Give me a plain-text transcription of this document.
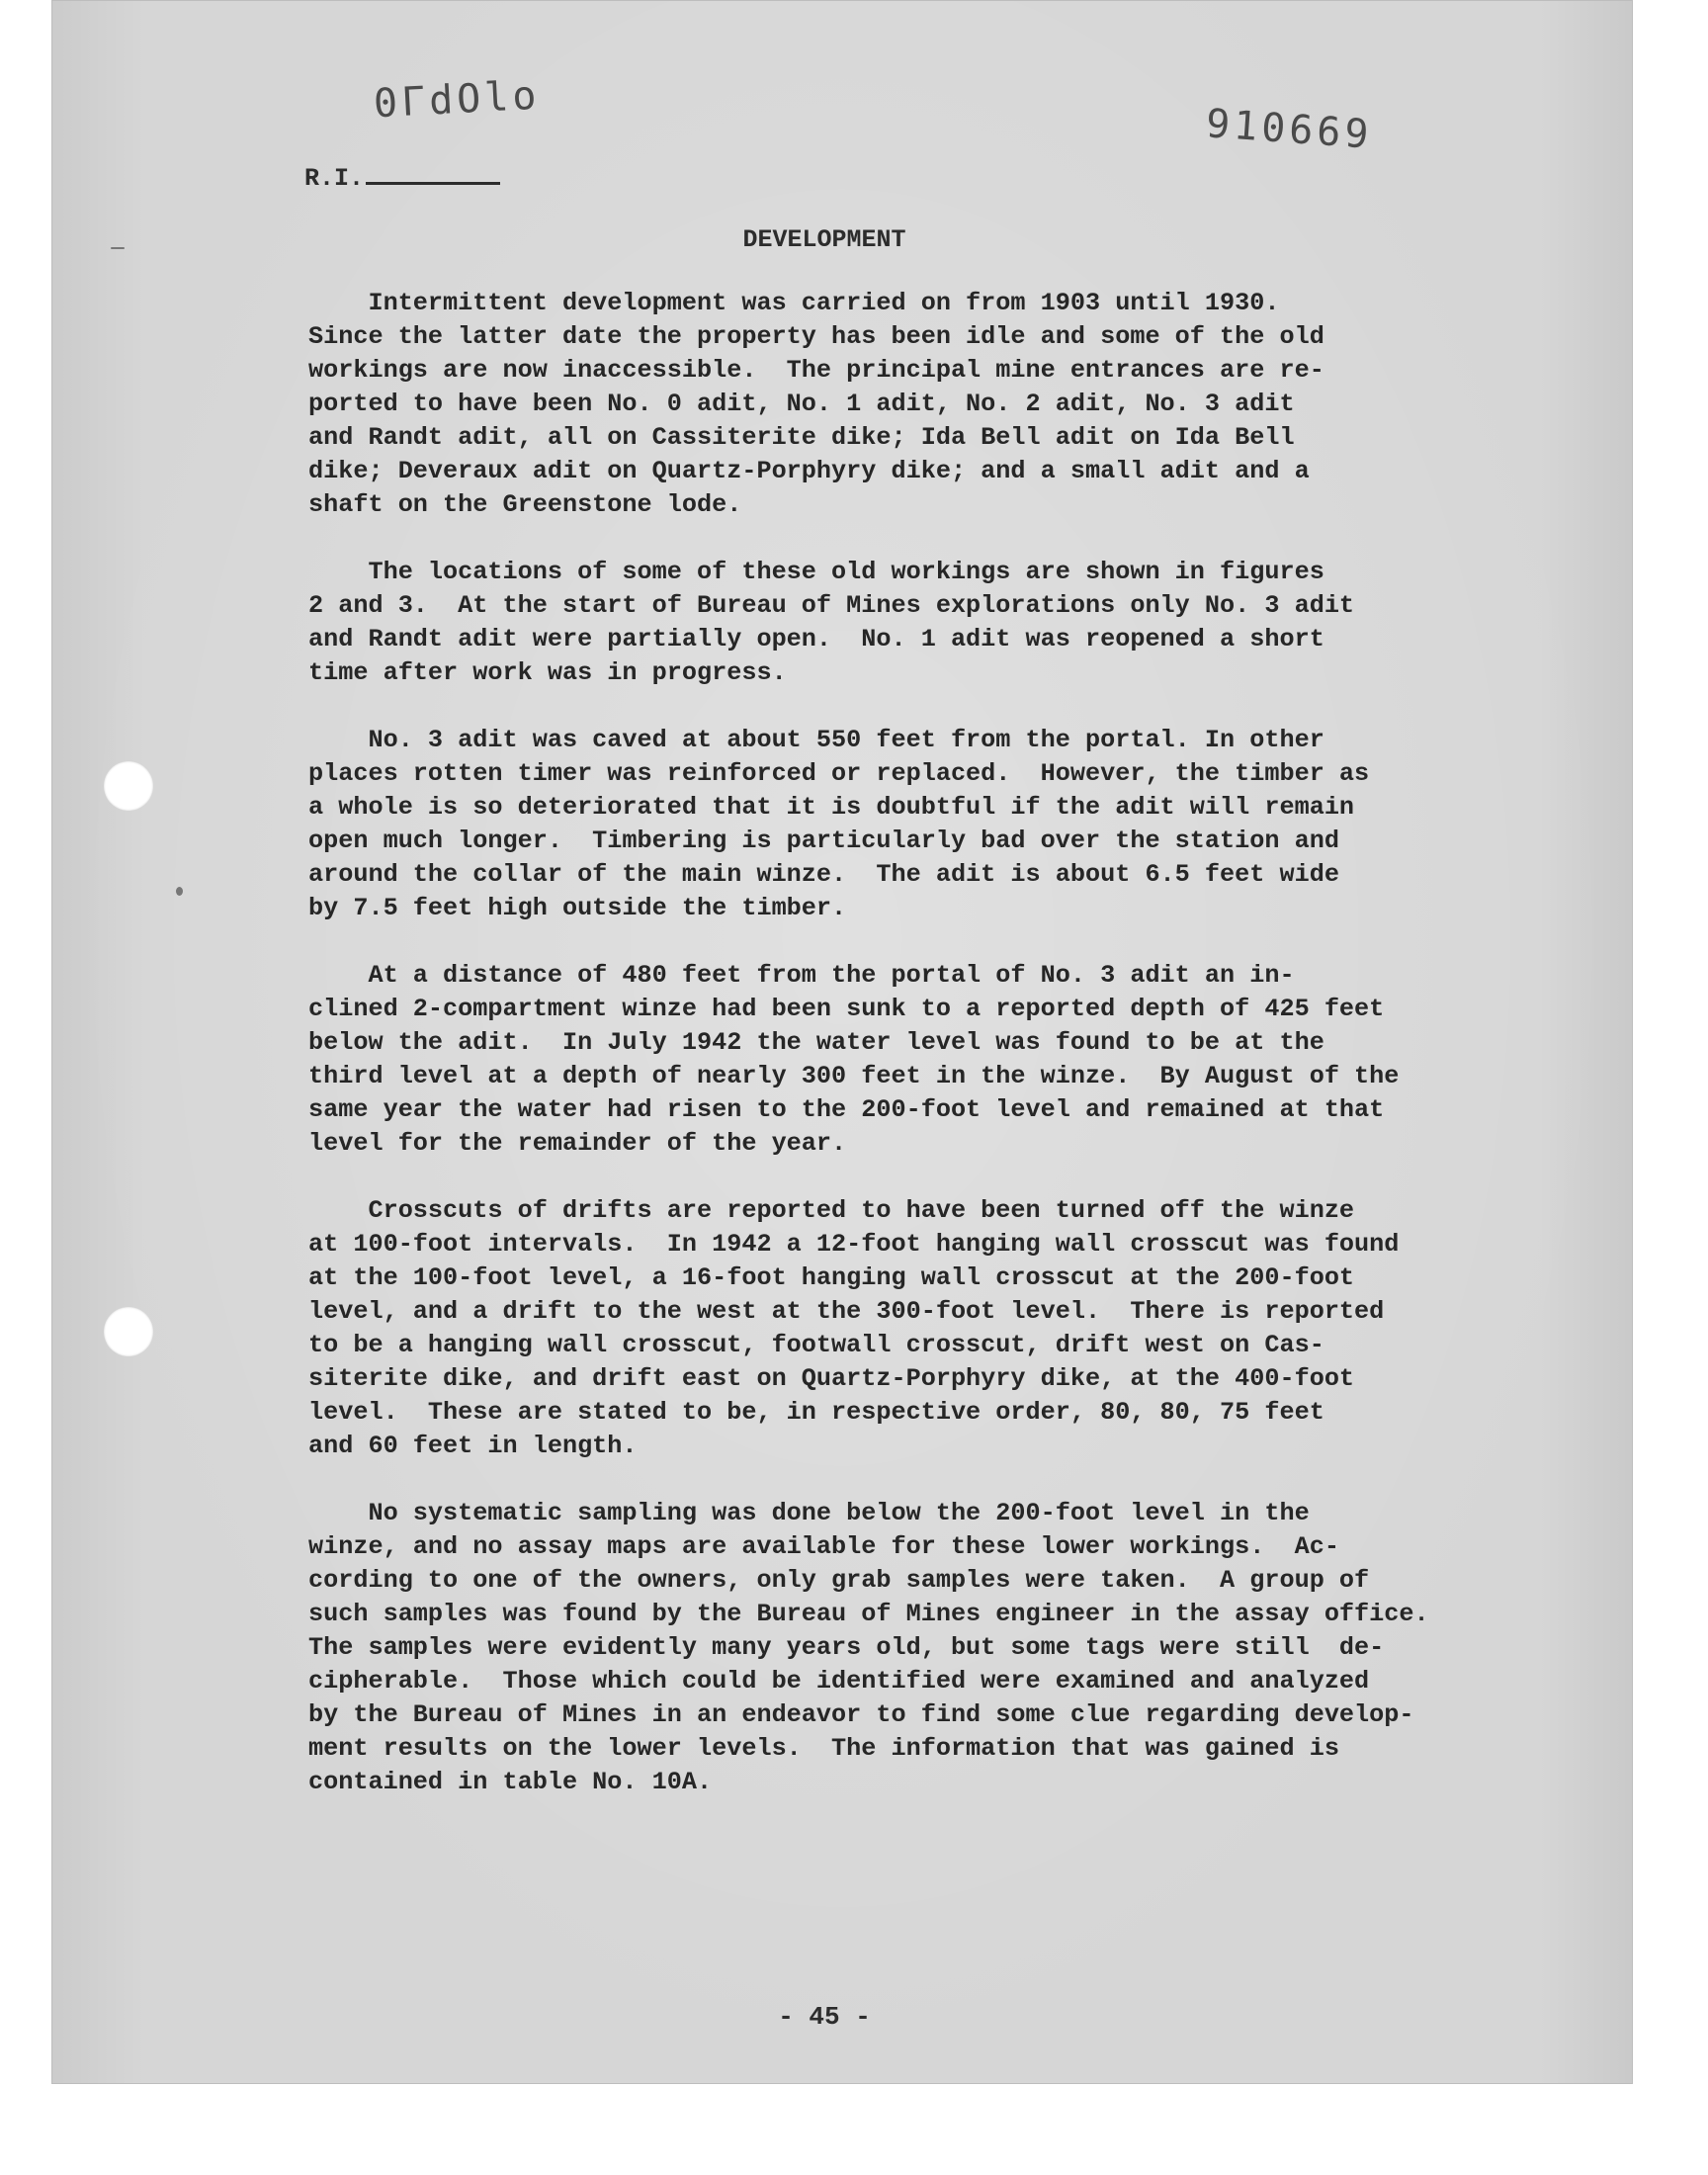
0ГdOlo
910669
R.I.
DEVELOPMENT
Intermittent development was carried on from 1903 until 1930.
Since the latter date the property has been idle and some of the old
workings are now inaccessible.  The principal mine entrances are re-
ported to have been No. 0 adit, No. 1 adit, No. 2 adit, No. 3 adit
and Randt adit, all on Cassiterite dike; Ida Bell adit on Ida Bell
dike; Deveraux adit on Quartz-Porphyry dike; and a small adit and a
shaft on the Greenstone lode.
The locations of some of these old workings are shown in figures
2 and 3.  At the start of Bureau of Mines explorations only No. 3 adit
and Randt adit were partially open.  No. 1 adit was reopened a short
time after work was in progress.
No. 3 adit was caved at about 550 feet from the portal. In other
places rotten timer was reinforced or replaced.  However, the timber as
a whole is so deteriorated that it is doubtful if the adit will remain
open much longer.  Timbering is particularly bad over the station and
around the collar of the main winze.  The adit is about 6.5 feet wide
by 7.5 feet high outside the timber.
At a distance of 480 feet from the portal of No. 3 adit an in-
clined 2-compartment winze had been sunk to a reported depth of 425 feet
below the adit.  In July 1942 the water level was found to be at the
third level at a depth of nearly 300 feet in the winze.  By August of the
same year the water had risen to the 200-foot level and remained at that
level for the remainder of the year.
Crosscuts of drifts are reported to have been turned off the winze
at 100-foot intervals.  In 1942 a 12-foot hanging wall crosscut was found
at the 100-foot level, a 16-foot hanging wall crosscut at the 200-foot
level, and a drift to the west at the 300-foot level.  There is reported
to be a hanging wall crosscut, footwall crosscut, drift west on Cas-
siterite dike, and drift east on Quartz-Porphyry dike, at the 400-foot
level.  These are stated to be, in respective order, 80, 80, 75 feet
and 60 feet in length.
No systematic sampling was done below the 200-foot level in the
winze, and no assay maps are available for these lower workings.  Ac-
cording to one of the owners, only grab samples were taken.  A group of
such samples was found by the Bureau of Mines engineer in the assay office.
The samples were evidently many years old, but some tags were still  de-
cipherable.  Those which could be identified were examined and analyzed
by the Bureau of Mines in an endeavor to find some clue regarding develop-
ment results on the lower levels.  The information that was gained is
contained in table No. 10A.
- 45 -
